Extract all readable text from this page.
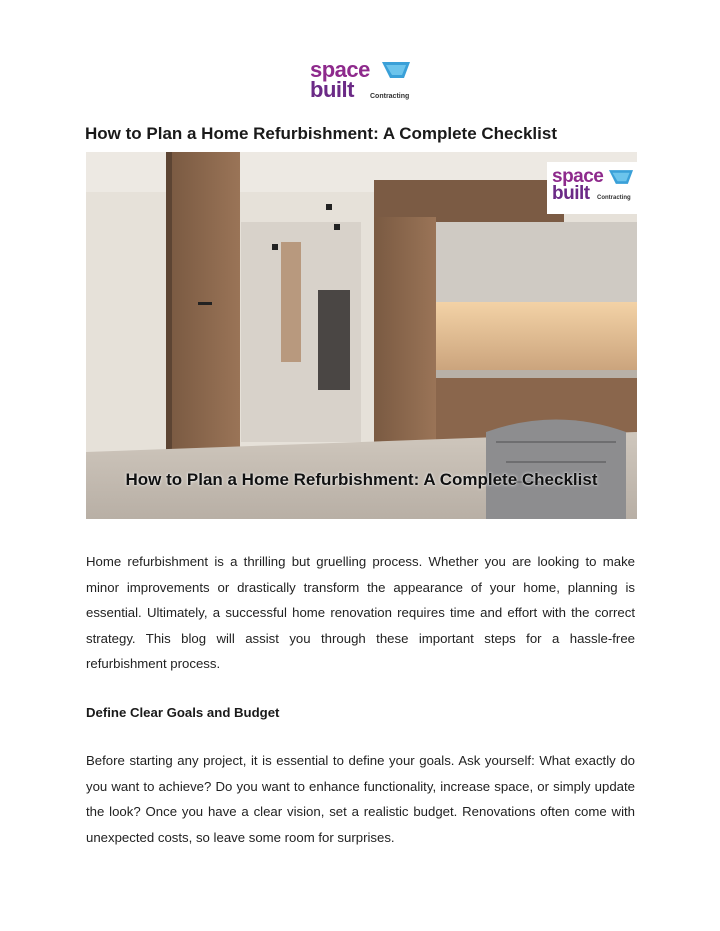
space
built Contracting
How to Plan a Home Refurbishment: A Complete Checklist
space
built Contracting
How to Plan a Home Refurbishment: A Complete Checklist

Home refurbishment is a thrilling but gruelling process. Whether you are looking to make minor improvements or drastically transform the appearance of your home, planning is essential. Ultimately, a successful home renovation requires time and effort with the correct strategy. This blog will assist you through these important steps for a hassle-free refurbishment process.

Define Clear Goals and Budget

Before starting any project, it is essential to define your goals. Ask yourself: What exactly do you want to achieve? Do you want to enhance functionality, increase space, or simply update the look? Once you have a clear vision, set a realistic budget. Renovations often come with unexpected costs, so leave some room for surprises.
